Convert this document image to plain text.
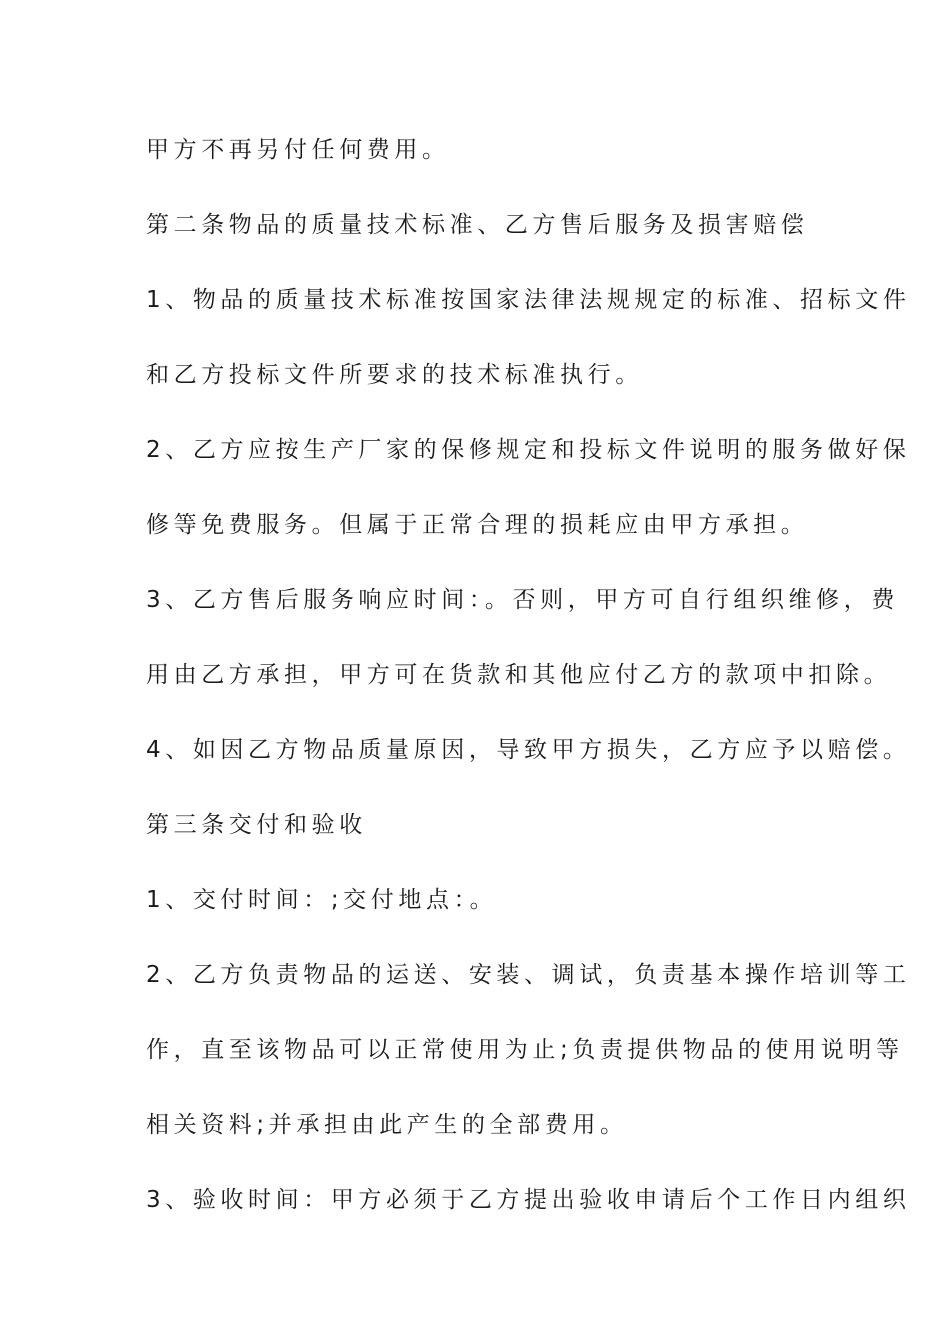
甲方不再另付任何费用。
第二条物品的质量技术标准、乙方售后服务及损害赔偿
1、物品的质量技术标准按国家法律法规规定的标准、招标文件
和乙方投标文件所要求的技术标准执行。
2、乙方应按生产厂家的保修规定和投标文件说明的服务做好保
修等免费服务。但属于正常合理的损耗应由甲方承担。
3、乙方售后服务响应时间：。否则，甲方可自行组织维修，费
用由乙方承担，甲方可在货款和其他应付乙方的款项中扣除。
4、如因乙方物品质量原因，导致甲方损失，乙方应予以赔偿。
第三条交付和验收
1、交付时间：;交付地点：。
2、乙方负责物品的运送、安装、调试，负责基本操作培训等工
作，直至该物品可以正常使用为止;负责提供物品的使用说明等
相关资料;并承担由此产生的全部费用。
3、验收时间：甲方必须于乙方提出验收申请后个工作日内组织
